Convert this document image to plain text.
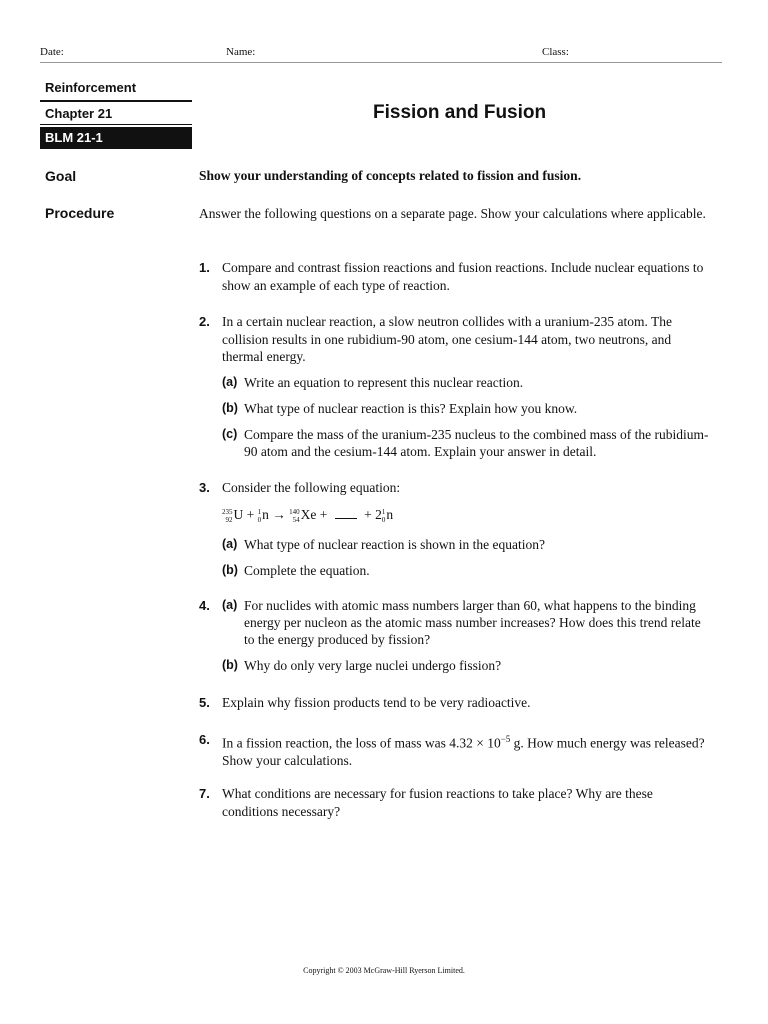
Date:	Name:	Class:
Reinforcement
Chapter 21
BLM 21-1
Fission and Fusion
Goal	Show your understanding of concepts related to fission and fusion.
Procedure	Answer the following questions on a separate page. Show your calculations where applicable.
1. Compare and contrast fission reactions and fusion reactions. Include nuclear equations to show an example of each type of reaction.
2. In a certain nuclear reaction, a slow neutron collides with a uranium-235 atom. The collision results in one rubidium-90 atom, one cesium-144 atom, two neutrons, and thermal energy.
(a) Write an equation to represent this nuclear reaction.
(b) What type of nuclear reaction is this? Explain how you know.
(c) Compare the mass of the uranium-235 nucleus to the combined mass of the rubidium-90 atom and the cesium-144 atom. Explain your answer in detail.
3. Consider the following equation:
235
92 U + 1
0 n → 140
54 Xe +	+ 2 1
0 n
(a) What type of nuclear reaction is shown in the equation?
(b) Complete the equation.
4. (a) For nuclides with atomic mass numbers larger than 60, what happens to the binding energy per nucleon as the atomic mass number increases? How does this trend relate to the energy produced by fission?
(b) Why do only very large nuclei undergo fission?
5. Explain why fission products tend to be very radioactive.
6. In a fission reaction, the loss of mass was $4.32 \times 10^{-5}$ g. How much energy was released? Show your calculations.
7. What conditions are necessary for fusion reactions to take place? Why are these conditions necessary?
Copyright © 2003 McGraw-Hill Ryerson Limited.
